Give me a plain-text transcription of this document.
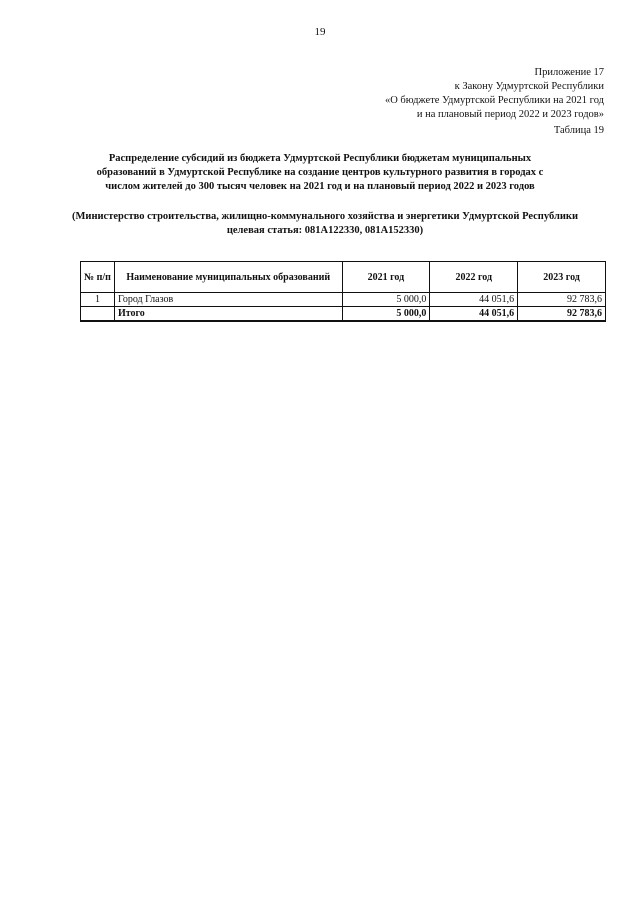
19
Приложение 17
к Закону Удмуртской Республики
«О бюджете Удмуртской Республики на 2021 год
и на плановый период 2022 и 2023 годов»
Таблица 19
Распределение субсидий из бюджета Удмуртской Республики бюджетам муниципальных образований в Удмуртской Республике на создание центров культурного развития в городах с числом жителей до 300 тысяч человек на 2021 год и на плановый период 2022 и 2023 годов
(Министерство строительства, жилищно-коммунального хозяйства и энергетики Удмуртской Республики
целевая статья: 081A122330, 081A152330)
№ п/п	Наименование муниципальных образований	2021 год	2022 год	2023 год
1	Город Глазов	5 000,0	44 051,6	92 783,6
	Итого	5 000,0	44 051,6	92 783,6
